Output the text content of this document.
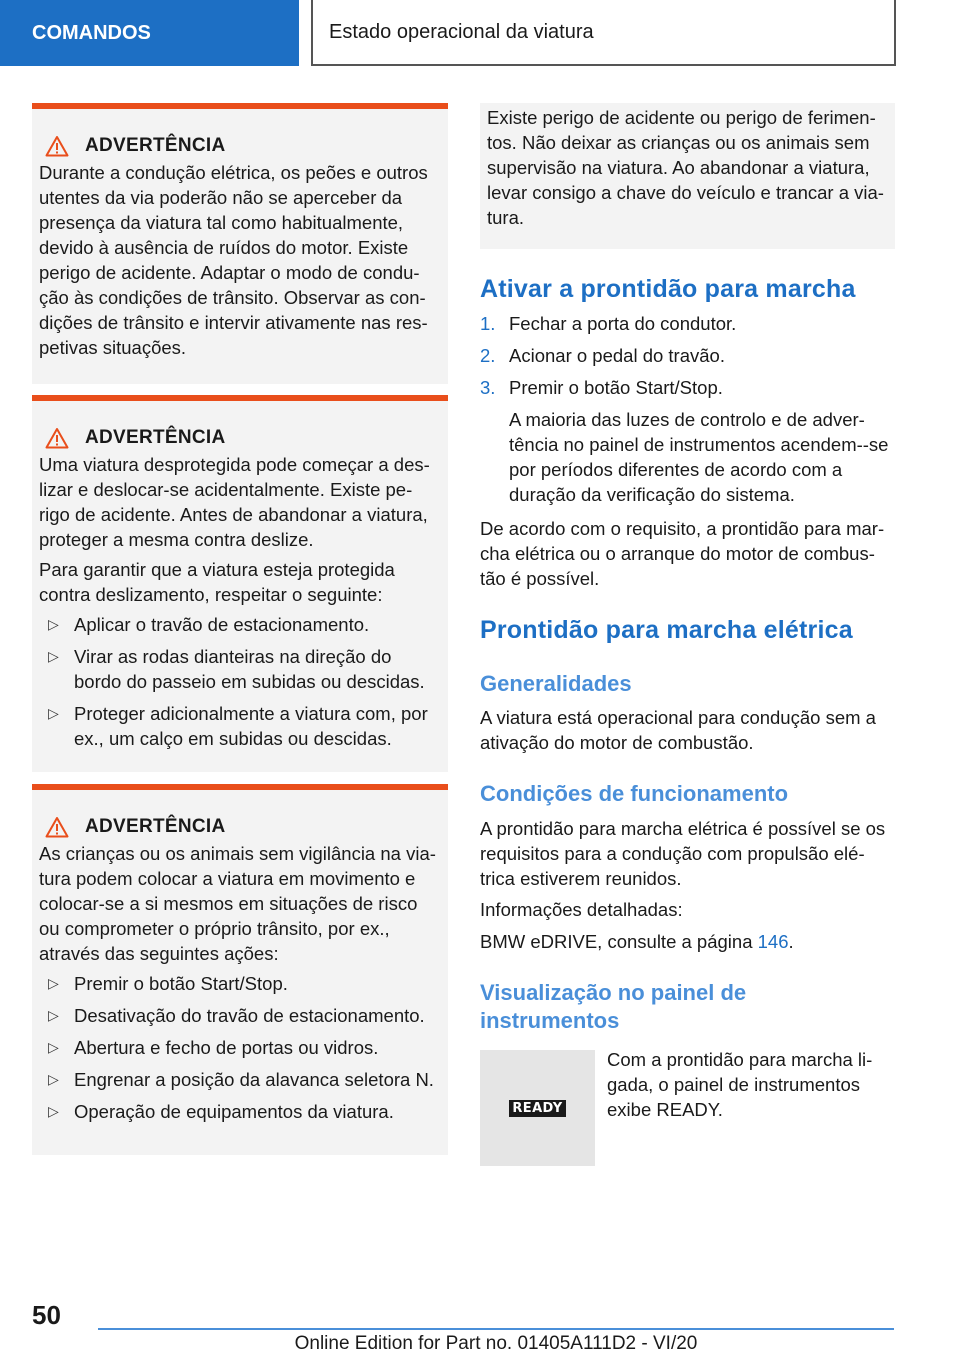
COMANDOS	Estado operacional da viatura
ADVERTÊNCIA

Durante a condução elétrica, os peões e outros utentes da via poderão não se aperceber da presença da viatura tal como habitualmente, devido à ausência de ruídos do motor. Existe perigo de acidente. Adaptar o modo de condu-ção às condições de trânsito. Observar as con-dições de trânsito e intervir ativamente nas res-petivas situações.

ADVERTÊNCIA

Uma viatura desprotegida pode começar a des-lizar e deslocar-se acidentalmente. Existe pe-rigo de acidente. Antes de abandonar a viatura, proteger a mesma contra deslize.

Para garantir que a viatura esteja protegida contra deslizamento, respeitar o seguinte:

▷ Aplicar o travão de estacionamento.
▷ Virar as rodas dianteiras na direção do bordo do passeio em subidas ou descidas.
▷ Proteger adicionalmente a viatura com, por ex., um calço em subidas ou descidas.
ADVERTÊNCIA

As crianças ou os animais sem vigilância na via-tura podem colocar a viatura em movimento e colocar-se a si mesmos em situações de risco ou comprometer o próprio trânsito, por ex., através das seguintes ações:

▷ Premir o botão Start/Stop.
▷ Desativação do travão de estacionamento.
▷ Abertura e fecho de portas ou vidros.
▷ Engrenar a posição da alavanca seletora N.
▷ Operação de equipamentos da viatura.
Existe perigo de acidente ou perigo de ferimen-tos. Não deixar as crianças ou os animais sem supervisão na viatura. Ao abandonar a viatura, levar consigo a chave do veículo e trancar a via-tura.
Ativar a prontidão para marcha
1. Fechar a porta do condutor.
2. Acionar o pedal do travão.
3. Premir o botão Start/Stop.
A maioria das luzes de controlo e de adver-tência no painel de instrumentos acendem--se por períodos diferentes de acordo com a duração da verificação do sistema.

De acordo com o requisito, a prontidão para mar-cha elétrica ou o arranque do motor de combus-tão é possível.

Prontidão para marcha elétrica
Generalidades

A viatura está operacional para condução sem a ativação do motor de combustão.

Condições de funcionamento

A prontidão para marcha elétrica é possível se os requisitos para a condução com propulsão elé-trica estiverem reunidos.

Informações detalhadas:

BMW eDRIVE, consulte a página 146.

Visualização no painel de instrumentos
READY
Com a prontidão para marcha li-gada, o painel de instrumentos exibe READY.
50
Online Edition for Part no. 01405A111D2 - VI/20
